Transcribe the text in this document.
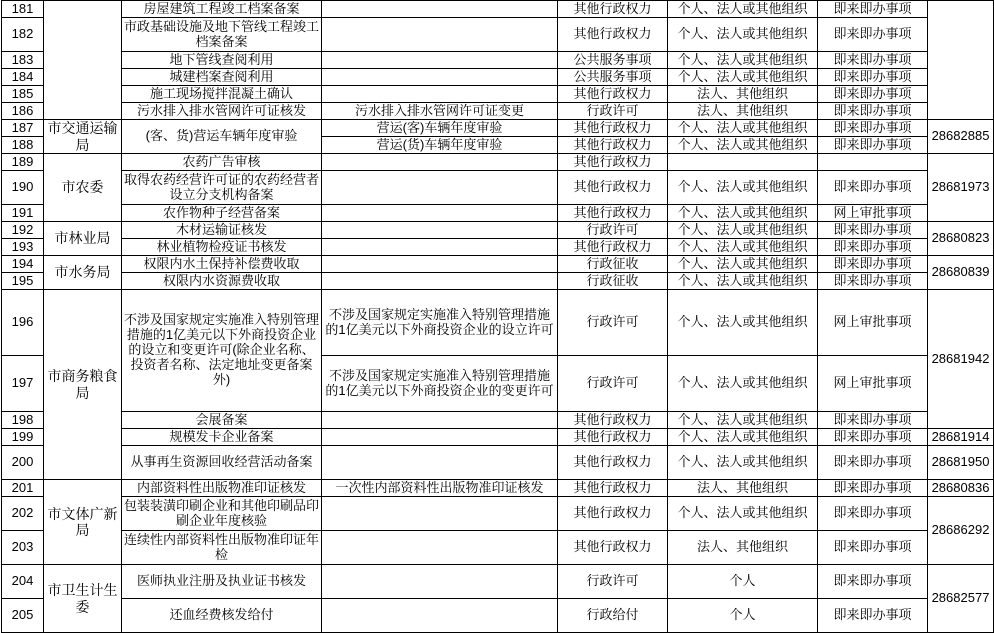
181		房屋建筑工程竣工档案备案		其他行政权力	个人、法人或其他组织	即来即办事项	
182		市政基础设施及地下管线工程竣工档案备案		其他行政权力	个人、法人或其他组织	即来即办事项	
183		地下管线查阅利用		公共服务事项	个人、法人或其他组织	即来即办事项	
184		城建档案查阅利用		公共服务事项	个人、法人或其他组织	即来即办事项	
185		施工现场搅拌混凝土确认		其他行政权力	法人、其他组织	即来即办事项	
186		污水排入排水管网许可证核发	污水排入排水管网许可证变更	行政许可	法人、其他组织	即来即办事项	
187	市交通运输局	(客、货)营运车辆年度审验	营运(客)车辆年度审验	其他行政权力	个人、法人或其他组织	即来即办事项	28682885
188			营运(货)车辆年度审验	其他行政权力	个人、法人或其他组织	即来即办事项	
189	市农委	农药广告审核		其他行政权力			28681973
190		取得农药经营许可证的农药经营者设立分支机构备案		其他行政权力	个人、法人或其他组织	即来即办事项	
191		农作物种子经营备案		其他行政权力	个人、法人或其他组织	网上审批事项	
192	市林业局	木材运输证核发		行政许可	个人、法人或其他组织	即来即办事项	28680823
193		林业植物检疫证书核发		其他行政权力	个人、法人或其他组织	即来即办事项	
194	市水务局	权限内水土保持补偿费收取		行政征收	个人、法人或其他组织	即来即办事项	28680839
195		权限内水资源费收取		行政征收	个人、法人或其他组织	即来即办事项	
196	市商务粮食局	不涉及国家规定实施准入特别管理措施的1亿美元以下外商投资企业的设立和变更许可(除企业名称、投资者名称、法定地址变更备案外)	不涉及国家规定实施准入特别管理措施的1亿美元以下外商投资企业的设立许可	行政许可	个人、法人或其他组织	网上审批事项	28681942
197			不涉及国家规定实施准入特别管理措施的1亿美元以下外商投资企业的变更许可	行政许可	个人、法人或其他组织	网上审批事项	
198		会展备案		其他行政权力	个人、法人或其他组织	即来即办事项	
199		规模发卡企业备案		其他行政权力	个人、法人或其他组织	即来即办事项	28681914
200		从事再生资源回收经营活动备案		其他行政权力	个人、法人或其他组织	即来即办事项	28681950
201	市文体广新局	内部资料性出版物准印证核发	一次性内部资料性出版物准印证核发	其他行政权力	法人、其他组织	即来即办事项	28680836
202		包装装潢印刷企业和其他印刷品印刷企业年度核验		其他行政权力	个人、法人或其他组织	即来即办事项	28686292
203		连续性内部资料性出版物准印证年检		其他行政权力	法人、其他组织	即来即办事项	
204	市卫生计生委	医师执业注册及执业证书核发		行政许可	个人	即来即办事项	28682577
205		还血经费核发给付		行政给付	个人	即来即办事项	
